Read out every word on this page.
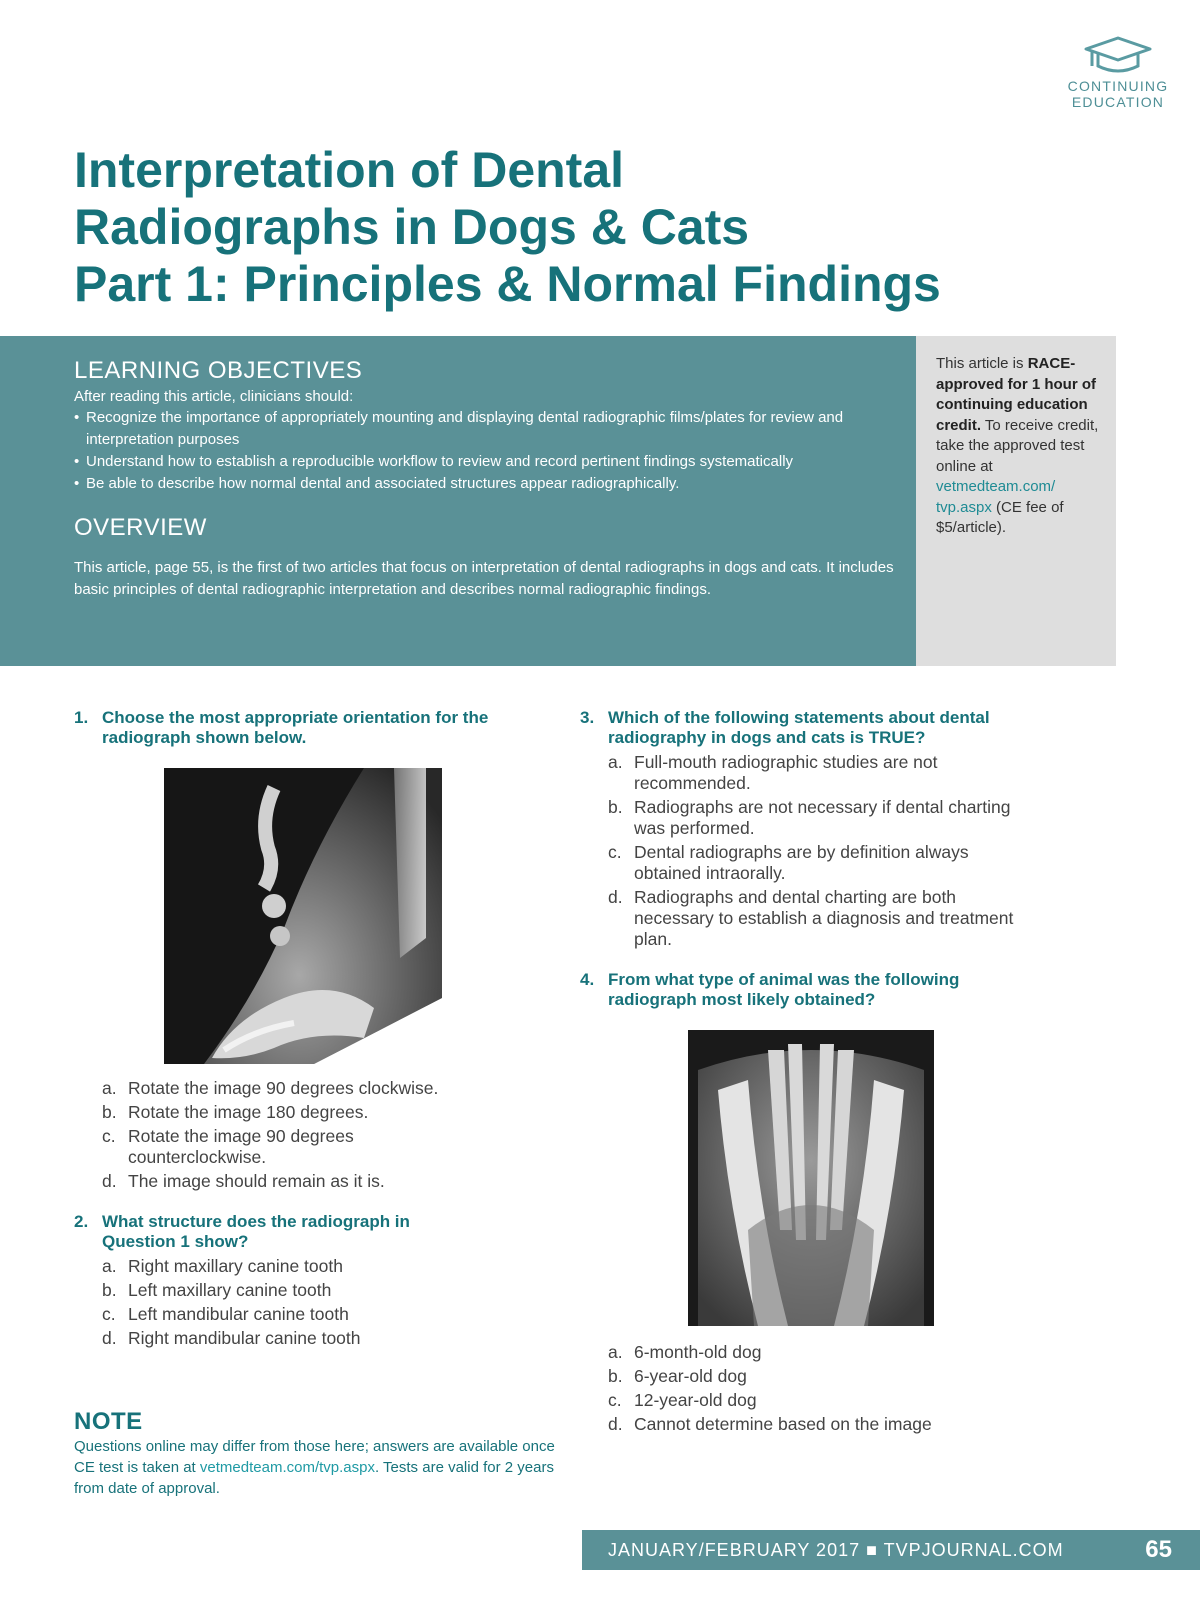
CONTINUING
EDUCATION
Interpretation of Dental
Radiographs in Dogs & Cats
Part 1: Principles & Normal Findings
LEARNING OBJECTIVES

After reading this article, clinicians should:

• Recognize the importance of appropriately mounting and displaying dental radiographic films/plates for review and interpretation purposes
• Understand how to establish a reproducible workflow to review and record pertinent findings systematically
• Be able to describe how normal dental and associated structures appear radiographically.
OVERVIEW

This article, page 55, is the first of two articles that focus on interpretation of dental radiographs in dogs and cats. It includes basic principles of dental radiographic interpretation and describes normal radiographic findings.

This article is RACE-approved for 1 hour of continuing education credit. To receive credit, take the approved test online at vetmedteam.com/ tvp.aspx (CE fee of $5/article).
1. Choose the most appropriate orientation for the radiograph shown below.
a. Rotate the image 90 degrees clockwise.
b. Rotate the image 180 degrees.
c. Rotate the image 90 degrees counterclockwise.
d. The image should remain as it is.
2. What structure does the radiograph in Question 1 show?
a. Right maxillary canine tooth
b. Left maxillary canine tooth
c. Left mandibular canine tooth
d. Right mandibular canine tooth
3. Which of the following statements about dental radiography in dogs and cats is TRUE?
a. Full-mouth radiographic studies are not recommended.
b. Radiographs are not necessary if dental charting was performed.
c. Dental radiographs are by definition always obtained intraorally.
d. Radiographs and dental charting are both necessary to establish a diagnosis and treatment plan.
4. From what type of animal was the following radiograph most likely obtained?
a. 6-month-old dog
b. 6-year-old dog
c. 12-year-old dog
d. Cannot determine based on the image
NOTE

Questions online may differ from those here; answers are available once CE test is taken at vetmedteam.com/tvp.aspx. Tests are valid for 2 years from date of approval.

JANUARY/FEBRUARY 2017 ■ TVPJOURNAL.COM	65
